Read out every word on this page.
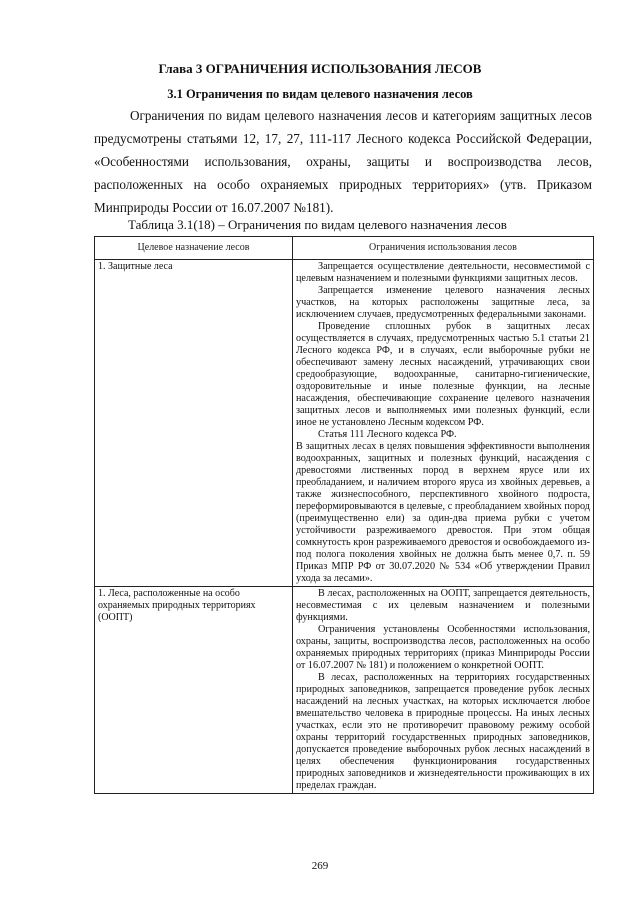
Глава 3 ОГРАНИЧЕНИЯ ИСПОЛЬЗОВАНИЯ ЛЕСОВ
3.1 Ограничения по видам целевого назначения лесов

Ограничения по видам целевого назначения лесов и категориям защитных лесов предусмотрены статьями 12, 17, 27, 111-117 Лесного кодекса Российской Федерации, «Особенностями использования, охраны, защиты и воспроизводства лесов, расположенных на особо охраняемых природных территориях» (утв. Приказом Минприроды России от 16.07.2007 №181).

Таблица 3.1(18) – Ограничения по видам целевого назначения лесов
Целевое назначение лесов	Ограничения использования лесов
1. Защитные леса	Запрещается осуществление деятельности, несовместимой с целевым назначением и полезными функциями защитных лесов.

Запрещается изменение целевого назначения лесных участков, на которых расположены защитные леса, за исключением случаев, предусмотренных федеральными законами.

Проведение сплошных рубок в защитных лесах осуществляется в случаях, предусмотренных частью 5.1 статьи 21 Лесного кодекса РФ, и в случаях, если выборочные рубки не обеспечивают замену лесных насаждений, утрачивающих свои средообразующие, водоохранные, санитарно-гигиенические, оздоровительные и иные полезные функции, на лесные насаждения, обеспечивающие сохранение целевого назначения защитных лесов и выполняемых ими полезных функций, если иное не установлено Лесным кодексом РФ.

Статья 111 Лесного кодекса РФ.

В защитных лесах в целях повышения эффективности выполнения водоохранных, защитных и полезных функций, насаждения с древостоями лиственных пород в верхнем ярусе или их преобладанием, и наличием второго яруса из хвойных деревьев, а также жизнеспособного, перспективного хвойного подроста, переформировываются в целевые, с преобладанием хвойных пород (преимущественно ели) за один-два приема рубки с учетом устойчивости разреживаемого древостоя. При этом общая сомкнутость крон разреживаемого древостоя и освобождаемого из-под полога поколения хвойных не должна быть менее 0,7. п. 59 Приказ МПР РФ от 30.07.2020 № 534 «Об утверждении Правил ухода за лесами».

1. Леса, расположенные на особо охраняемых природных территориях (ООПТ)	В лесах, расположенных на ООПТ, запрещается деятельность, несовместимая с их целевым назначением и полезными функциями.

Ограничения установлены Особенностями использования, охраны, защиты, воспроизводства лесов, расположенных на особо охраняемых природных территориях (приказ Минприроды России от 16.07.2007 № 181) и положением о конкретной ООПТ.

В лесах, расположенных на территориях государственных природных заповедников, запрещается проведение рубок лесных насаждений на лесных участках, на которых исключается любое вмешательство человека в природные процессы. На иных лесных участках, если это не противоречит правовому режиму особой охраны территорий государственных природных заповедников, допускается проведение выборочных рубок лесных насаждений в целях обеспечения функционирования государственных природных заповедников и жизнедеятельности проживающих в их пределах граждан.

269
